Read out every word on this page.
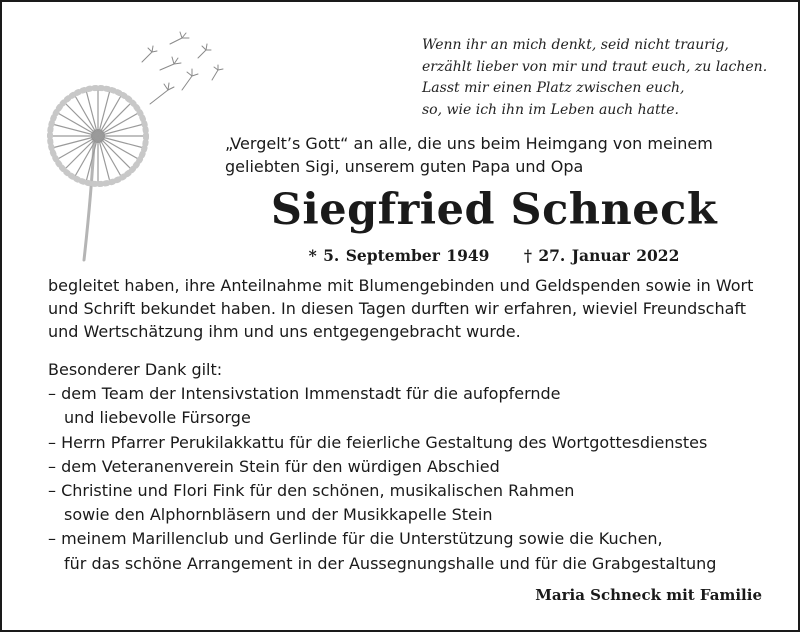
Wenn ihr an mich denkt, seid nicht traurig,
erzählt lieber von mir und traut euch, zu lachen.
Lasst mir einen Platz zwischen euch,
so, wie ich ihn im Leben auch hatte.
„Vergelt’s Gott“ an alle, die uns beim Heimgang von meinem
geliebten Sigi, unserem guten Papa und Opa
Siegfried Schneck
* 5. September 1949 † 27. Januar 2022
begleitet haben, ihre Anteilnahme mit Blumengebinden und Geldspenden sowie in Wort
und Schrift bekundet haben. In diesen Tagen durften wir erfahren, wieviel Freundschaft
und Wertschätzung ihm und uns entgegengebracht wurde.
Besonderer Dank gilt:
– dem Team der Intensivstation Immenstadt für die aufopfernde
und liebevolle Fürsorge
– Herrn Pfarrer Perukilakkattu für die feierliche Gestaltung des Wortgottesdienstes
– dem Veteranenverein Stein für den würdigen Abschied
– Christine und Flori Fink für den schönen, musikalischen Rahmen
sowie den Alphornbläsern und der Musikkapelle Stein
– meinem Marillenclub und Gerlinde für die Unterstützung sowie die Kuchen,
für das schöne Arrangement in der Aussegnungshalle und für die Grabgestaltung
Maria Schneck mit Familie
